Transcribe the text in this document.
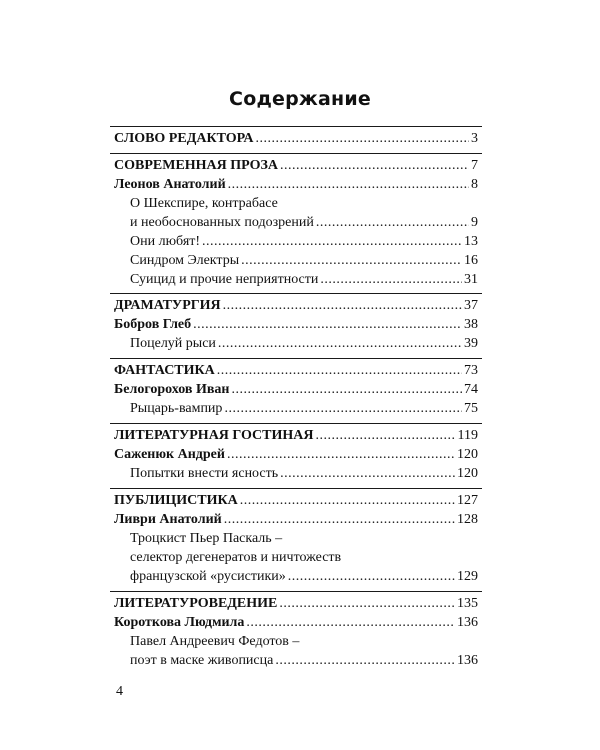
Содержание
СЛОВО РЕДАКТОРА .....	3
СОВРЕМЕННАЯ ПРОЗА .....	7
Леонов Анатолий .....	8
О Шекспире, контрабасе
и необоснованных подозрений .....	9
Они любят! .....	13
Синдром Электры .....	16
Суицид и прочие неприятности .....	31
ДРАМАТУРГИЯ .....	37
Бобров Глеб .....	38
Поцелуй рыси .....	39
ФАНТАСТИКА .....	73
Белогорохов Иван .....	74
Рыцарь-вампир .....	75
ЛИТЕРАТУРНАЯ ГОСТИНАЯ .....	119
Саженюк Андрей .....	120
Попытки внести ясность .....	120
ПУБЛИЦИСТИКА .....	127
Ливри Анатолий .....	128
Троцкист Пьер Паскаль –
селектор дегенератов и ничтожеств
французской «русистики» .....	129
ЛИТЕРАТУРОВЕДЕНИЕ .....	135
Короткова Людмила .....	136
Павел Андреевич Федотов –
поэт в маске живописца .....	136
4
